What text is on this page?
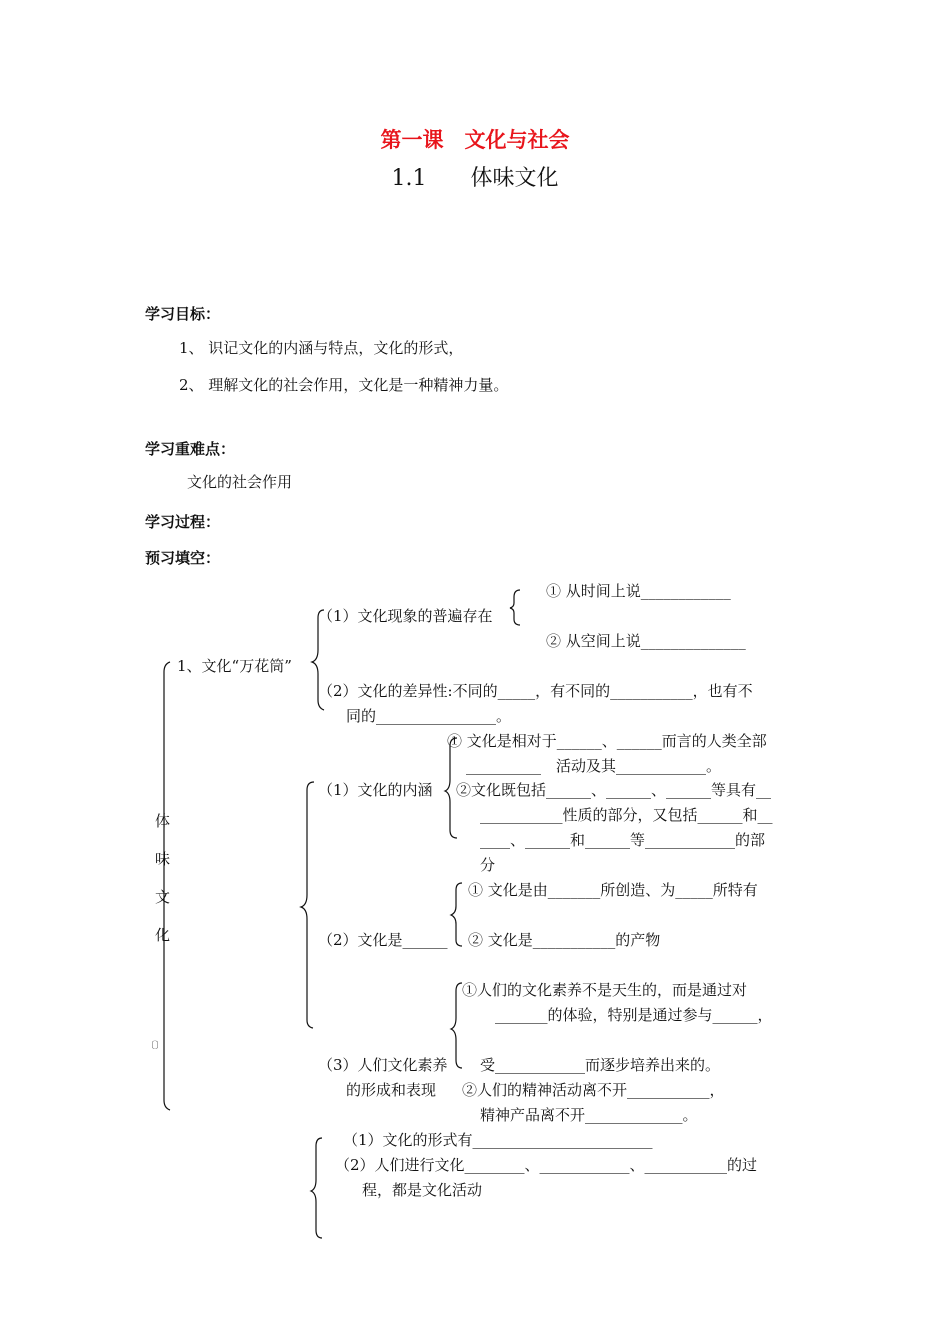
第一课　文化与社会
1.1　　体味文化
学习目标：
1、 识记文化的内涵与特点，文化的形式，
2、 理解文化的社会作用，文化是一种精神力量。
学习重难点：
文化的社会作用
学习过程：
预习填空：
体
味
文
化
〔〕
1、文化“万花筒”
（1）文化现象的普遍存在
① 从时间上说____________
② 从空间上说______________
（2）文化的差异性:不同的_____，有不同的___________，也有不
同的________________。
（1）文化的内涵
① 文化是相对于______、______而言的人类全部
__________　活动及其____________。
②文化既包括______、______、______等具有__
___________性质的部分，又包括______和__
____、______和______等____________的部
分
（2）文化是______
① 文化是由_______所创造、为_____所特有
② 文化是___________的产物
（3）人们文化素养
的形成和表现
①人们的文化素养不是天生的，而是通过对
_______的体验，特别是通过参与______，
受____________而逐步培养出来的。
②人们的精神活动离不开___________，
精神产品离不开_____________。
（1）文化的形式有________________________
（2）人们进行文化________、____________、___________的过
程，都是文化活动
